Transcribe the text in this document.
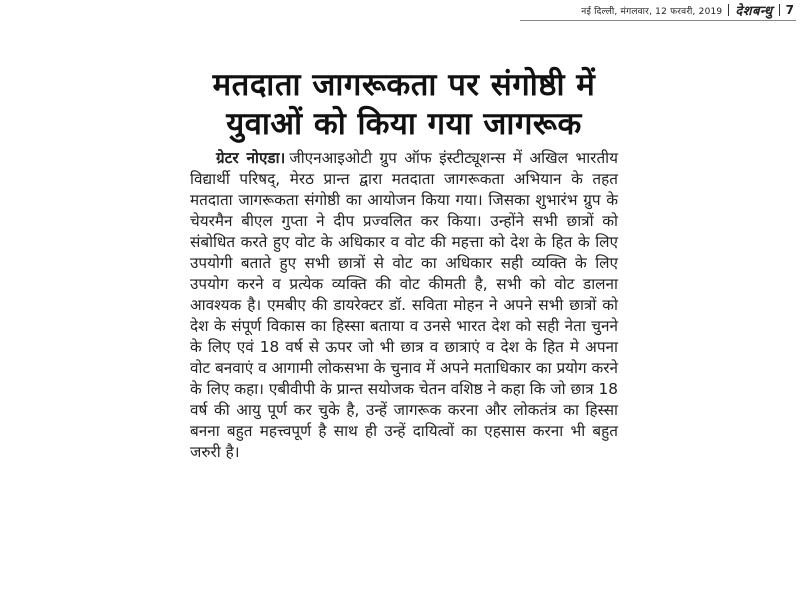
नई दिल्ली, मंगलवार, 12 फरवरी, 2019 देशबन्धु 7
मतदाता जागरूकता पर संगोष्ठी में
युवाओं को किया गया जागरूक

ग्रेटर नोएडा। जीएनआइओटी ग्रुप ऑफ इंस्टीट्यूशन्स में अखिल भारतीय विद्यार्थी परिषद्, मेरठ प्रान्त द्वारा मतदाता जागरूकता अभियान के तहत मतदाता जागरूकता संगोष्ठी का आयोजन किया गया। जिसका शुभारंभ ग्रुप के चेयरमैन बीएल गुप्ता ने दीप प्रज्वलित कर किया। उन्होंने सभी छात्रों को संबोधित करते हुए वोट के अधिकार व वोट की महत्ता को देश के हित के लिए उपयोगी बताते हुए सभी छात्रों से वोट का अधिकार सही व्यक्ति के लिए उपयोग करने व प्रत्येक व्यक्ति की वोट कीमती है, सभी को वोट डालना आवश्यक है। एमबीए की डायरेक्टर डॉ. सविता मोहन ने अपने सभी छात्रों को देश के संपूर्ण विकास का हिस्सा बताया व उनसे भारत देश को सही नेता चुनने के लिए एवं 18 वर्ष से ऊपर जो भी छात्र व छात्राएं व देश के हित मे अपना वोट बनवाएं व आगामी लोकसभा के चुनाव में अपने मताधिकार का प्रयोग करने के लिए कहा। एबीवीपी के प्रान्त सयोजक चेतन वशिष्ठ ने कहा कि जो छात्र 18 वर्ष की आयु पूर्ण कर चुके है, उन्हें जागरूक करना और लोकतंत्र का हिस्सा बनना बहुत महत्त्वपूर्ण है साथ ही उन्हें दायित्वों का एहसास करना भी बहुत जरुरी है।
